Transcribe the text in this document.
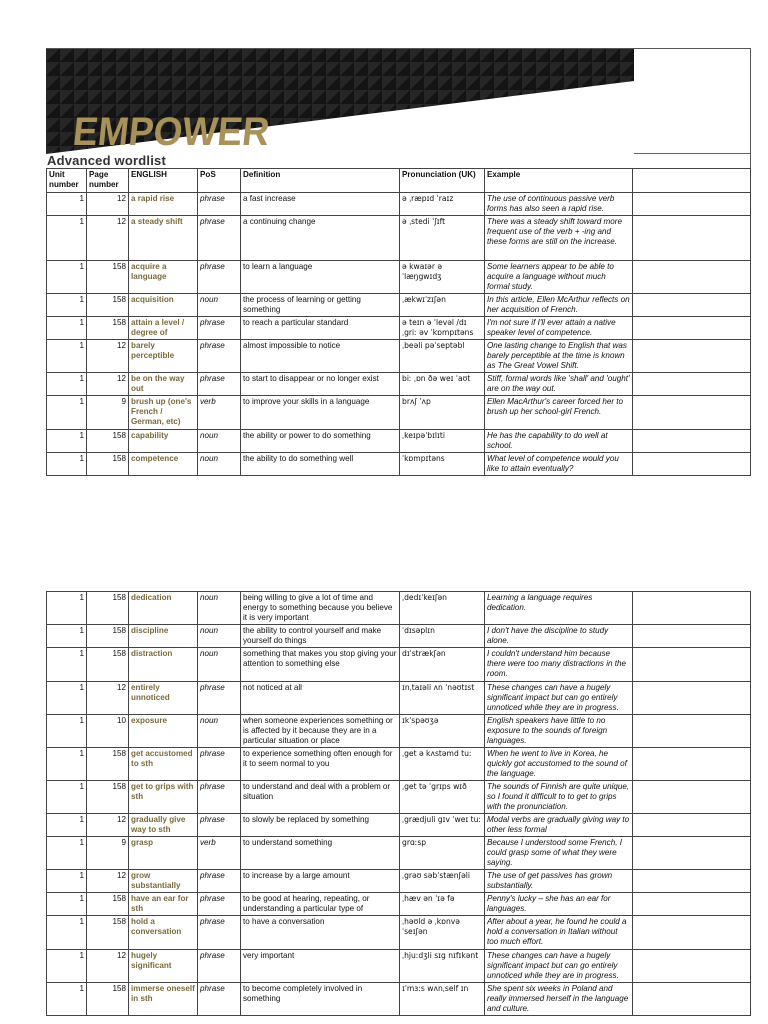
EMPOWER
Advanced wordlist
Unit number	Page number	ENGLISH	PoS	Definition	Pronunciation (UK)	Example	
1	12	a rapid rise	phrase	a fast increase	ə ˌræpɪd ˈraɪz	The use of continuous passive verb forms has also seen a rapid rise.	
1	12	a steady shift	phrase	a continuing change	ə ˌstedi ˈʃɪft	There was a steady shift toward more frequent use of the verb + -ing and these forms are still on the increase.	
1	158	acquire a language	phrase	to learn a language	ə kwaɪər ə ˈlæŋgwɪdʒ	Some learners appear to be able to acquire a language without much formal study.	
1	158	acquisition	noun	the process of learning or getting something	ˌækwɪˈzɪʃən	In this article, Ellen McArthur reflects on her acquisition of French.	
1	158	attain a level / degree of	phrase	to reach a particular standard	ə teɪn ə ˈlevəl /dɪ ˌgriː əv ˈkɒmpɪtəns	I'm not sure if I'll ever attain a native speaker level of competence.	
1	12	barely perceptible	phrase	almost impossible to notice	ˌbeəli pəˈseptəbl	One lasting change to English that was barely perceptible at the time is known as The Great Vowel Shift.	
1	12	be on the way out	phrase	to start to disappear or no longer exist	biː ˌɒn ðə weɪ ˈaʊt	Stiff, formal words like 'shall' and 'ought' are on the way out.	
1	9	brush up (one's French / German, etc)	verb	to improve your skills in a language	brʌʃ ˈʌp	Ellen MacArthur's career forced her to brush up her school-girl French.	
1	158	capability	noun	the ability or power to do something	ˌkeɪpəˈbɪlɪti	He has the capability to do well at school.	
1	158	competence	noun	the ability to do something well	ˈkɒmpɪtəns	What level of competence would you like to attain eventually?	
1	158	dedication	noun	being willing to give a lot of time and energy to something because you believe it is very important	ˌdedɪˈkeɪʃən	Learning a language requires dedication.	
1	158	discipline	noun	the ability to control yourself and make yourself do things	ˈdɪsəplɪn	I don't have the discipline to study alone.	
1	158	distraction	noun	something that makes you stop giving your attention to something else	dɪˈstrækʃən	I couldn't understand him because there were too many distractions in the room.	
1	12	entirely unnoticed	phrase	not noticed at all	ɪnˌtaɪəli ʌn ˈnəʊtɪst	These changes can have a hugely significant impact but can go entirely unnoticed while they are in progress.	
1	10	exposure	noun	when someone experiences something or is affected by it because they are in a particular situation or place	ɪkˈspəʊʒə	English speakers have little to no exposure to the sounds of foreign languages.	
1	158	get accustomed to sth	phrase	to experience something often enough for it to seem normal to you	ˌget ə kʌstəmd tuː	When he went to live in Korea, he quickly got accustomed to the sound of the language.	
1	158	get to grips with sth	phrase	to understand and deal with a problem or situation	ˌget tə ˈgrɪps wɪð	The sounds of Finnish are quite unique, so I found it difficult to to get to grips with the pronunciation.	
1	12	gradually give way to sth	phrase	to slowly be replaced by something	ˌgrædjuli gɪv ˈweɪ tuː	Modal verbs are gradually giving way to other less formal	
1	9	grasp	verb	to understand something	grɑːsp	Because I understood some French, I could grasp some of what they were saying.	
1	12	grow substantially	phrase	to increase by a large amount	ˌgrəʊ səbˈstænʃəli	The use of get passives has grown substantially.	
1	158	have an ear for sth	phrase	to be good at hearing, repeating, or understanding a particular type of	ˌhæv ən ˈɪə fə	Penny's lucky – she has an ear for languages.	
1	158	hold a conversation	phrase	to have a conversation	ˌhəʊld ə ˌkɒnvə ˈseɪʃən	After about a year, he found he could a hold a conversation in Italian without too much effort.	
1	12	hugely significant	phrase	very important	ˌhjuːdʒli sɪg nɪfɪkənt	These changes can have a hugely significant impact but can go entirely unnoticed while they are in progress.	
1	158	immerse oneself in sth	phrase	to become completely involved in something	ɪˈmɜːs wʌnˌself ɪn	She spent six weeks in Poland and really immersed herself in the language and culture.	
